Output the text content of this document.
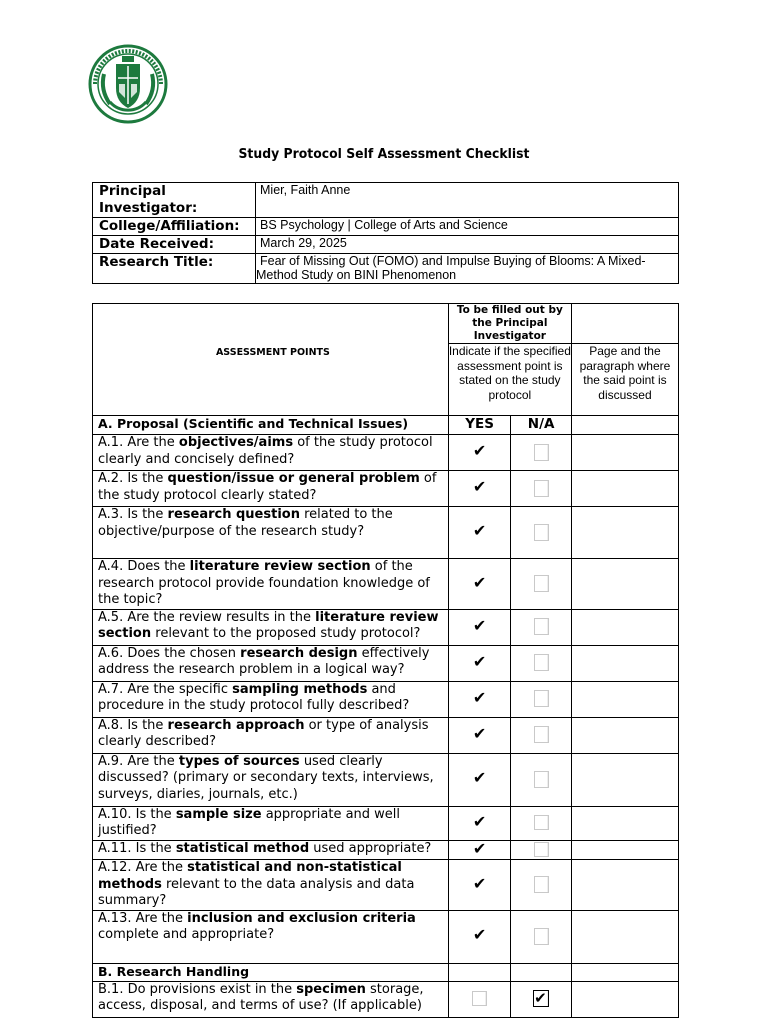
Study Protocol Self Assessment Checklist
Principal Investigator:	Mier, Faith Anne
College/Affiliation:	BS Psychology | College of Arts and Science
Date Received:	March 29, 2025
Research Title:	Fear of Missing Out (FOMO) and Impulse Buying of Blooms: A Mixed-
Method Study on BINI Phenomenon
	To be filled out by the Principal Investigator		
ASSESSMENT POINTS	Indicate if the specified assessment point is stated on the study protocol		Page and the paragraph where the said point is discussed
A. Proposal (Scientific and Technical Issues)	YES	N/A	
A.1. Are the objectives/aims of the study protocol clearly and concisely defined?	✔		
A.2. Is the question/issue or general problem of the study protocol clearly stated?	✔		
A.3. Is the research question related to the objective/purpose of the research study?	✔		
A.4. Does the literature review section of the research protocol provide foundation knowledge of the topic?	✔		
A.5. Are the review results in the literature review section relevant to the proposed study protocol?	✔		
A.6. Does the chosen research design effectively address the research problem in a logical way?	✔		
A.7. Are the specific sampling methods and procedure in the study protocol fully described?	✔		
A.8. Is the research approach or type of analysis clearly described?	✔		
A.9. Are the types of sources used clearly discussed? (primary or secondary texts, interviews, surveys, diaries, journals, etc.)	✔		
A.10. Is the sample size appropriate and well justified?	✔		
A.11. Is the statistical method used appropriate?	✔		
A.12. Are the statistical and non-statistical methods relevant to the data analysis and data summary?	✔		
A.13. Are the inclusion and exclusion criteria complete and appropriate?	✔		
B. Research Handling			
B.1. Do provisions exist in the specimen storage, access, disposal, and terms of use? (If applicable)		✔	
